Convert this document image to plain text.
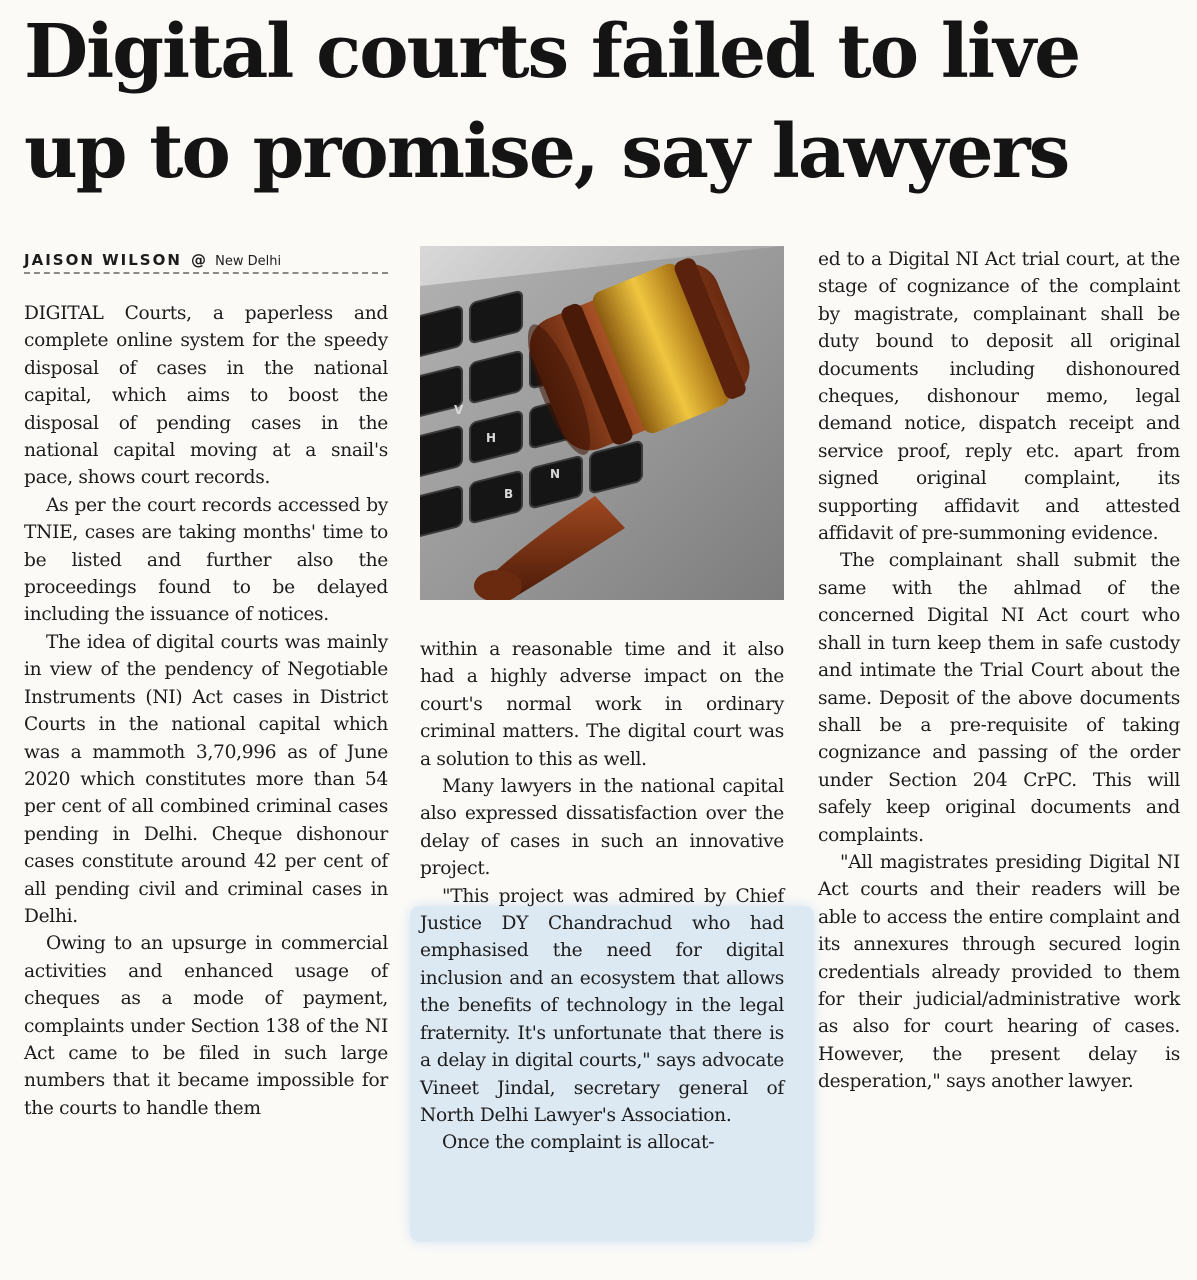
Digital courts failed to live
up to promise, say lawyers
JAISON WILSON @ New Delhi

DIGITAL Courts, a paperless and complete online system for the speedy disposal of cases in the national capital, which aims to boost the disposal of pending cases in the national capital moving at a snail's pace, shows court records.

As per the court records accessed by TNIE, cases are taking months' time to be listed and further also the proceedings found to be delayed including the issuance of notices.

The idea of digital courts was mainly in view of the pendency of Negotiable Instruments (NI) Act cases in District Courts in the national capital which was a mammoth 3,70,996 as of June 2020 which constitutes more than 54 per cent of all combined criminal cases pending in Delhi. Cheque dishonour cases constitute around 42 per cent of all pending civil and criminal cases in Delhi.

Owing to an upsurge in commercial activities and enhanced usage of cheques as a mode of payment, complaints under Section 138 of the NI Act came to be filed in such large numbers that it became impossible for the courts to handle them

V
H
N
B

within a reasonable time and it also had a highly adverse impact on the court's normal work in ordinary criminal matters. The digital court was a solution to this as well.

Many lawyers in the national capital also expressed dissatisfaction over the delay of cases in such an innovative project.

"This project was admired by Chief Justice DY Chandrachud who had emphasised the need for digital inclusion and an ecosystem that allows the benefits of technology in the legal fraternity. It's unfortunate that there is a delay in digital courts," says advocate Vineet Jindal, secretary general of North Delhi Lawyer's Association.

Once the complaint is allocat-

ed to a Digital NI Act trial court, at the stage of cognizance of the complaint by magistrate, complainant shall be duty bound to deposit all original documents including dishonoured cheques, dishonour memo, legal demand notice, dispatch receipt and service proof, reply etc. apart from signed original complaint, its supporting affidavit and attested affidavit of pre-summoning evidence.

The complainant shall submit the same with the ahlmad of the concerned Digital NI Act court who shall in turn keep them in safe custody and intimate the Trial Court about the same. Deposit of the above documents shall be a pre-requisite of taking cognizance and passing of the order under Section 204 CrPC. This will safely keep original documents and complaints.

"All magistrates presiding Digital NI Act courts and their readers will be able to access the entire complaint and its annexures through secured login credentials already provided to them for their judicial/administrative work as also for court hearing of cases. However, the present delay is desperation," says another lawyer.
